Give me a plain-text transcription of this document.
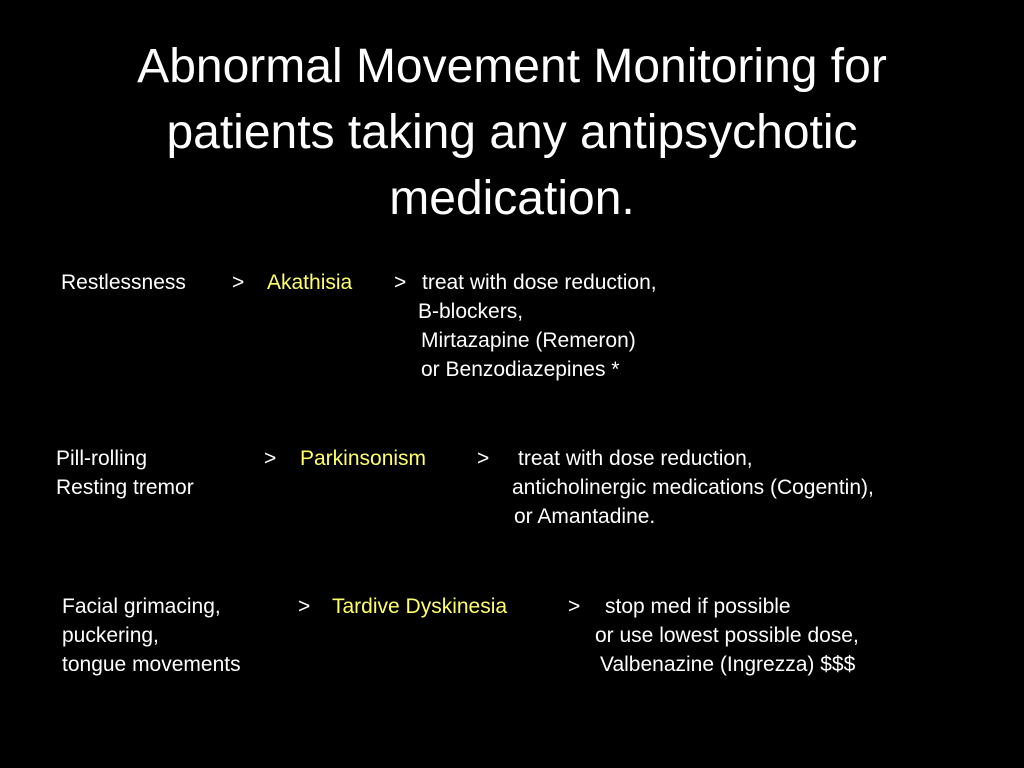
Abnormal Movement Monitoring for
patients taking any antipsychotic
medication.
Restlessness > Akathisia > treat with dose reduction,
B-blockers,
Mirtazapine (Remeron)
or Benzodiazepines *
Pill-rolling
Resting tremor
> Parkinsonism > treat with dose reduction,
anticholinergic medications (Cogentin),
or Amantadine.
Facial grimacing,
puckering,
tongue movements
> Tardive Dyskinesia	> stop med if possible
or use lowest possible dose,
Valbenazine (Ingrezza) $$$
